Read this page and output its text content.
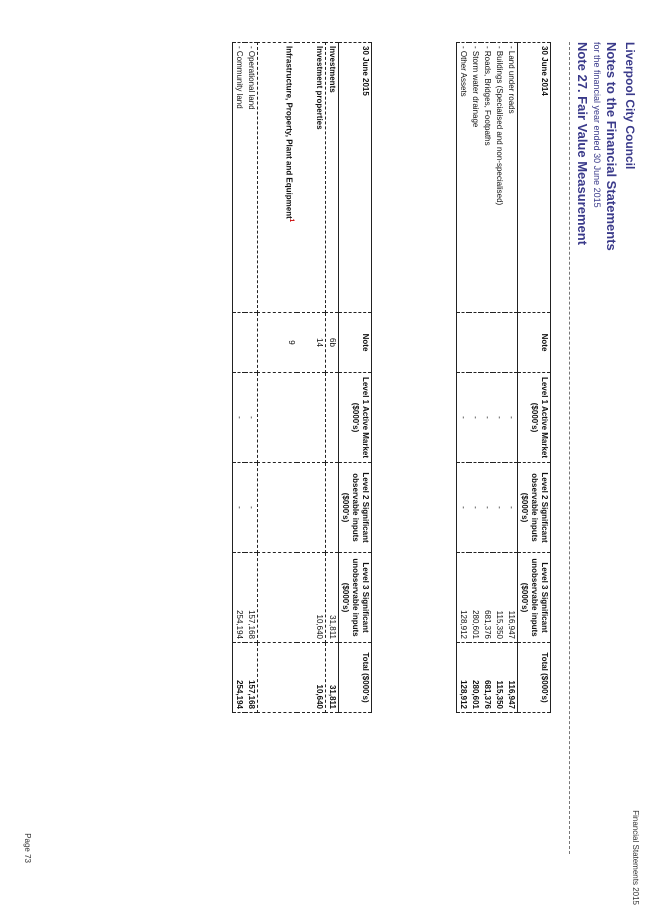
Financial Statements 2015
Liverpool City Council
Notes to the Financial Statements
for the financial year ended 30 June 2015
Note 27. Fair Value Measurement
30 June 2014	Note	Level 1 Active Market ($000's)	Level 2 Significant observable inputs ($000's)	Level 3 Significant unobservable inputs ($000's)	Total ($000's)
- Land under roads		-	-	116,947	116,947
- Buildings (Specialised and non-specialised)		-	-	115,350	115,350
- Roads, Bridges, Footpaths		-	-	681,376	681,376
- Storm water drainage		-	-	280,601	280,601
- Other Assets		-	-	128,912	128,912
30 June 2015	Note	Level 1 Active Market ($000's)	Level 2 Significant observable inputs ($000's)	Level 3 Significant unobservable inputs ($000's)	Total ($000's)
Investments	6b			31,811	31,811
Investment properties	14			10,640	10,640
Infrastructure, Property, Plant and Equipment$^1$	9				
- Operational land		-	-	157,168	157,168
- Community land		-	-	254,194	254,194
Page 73
